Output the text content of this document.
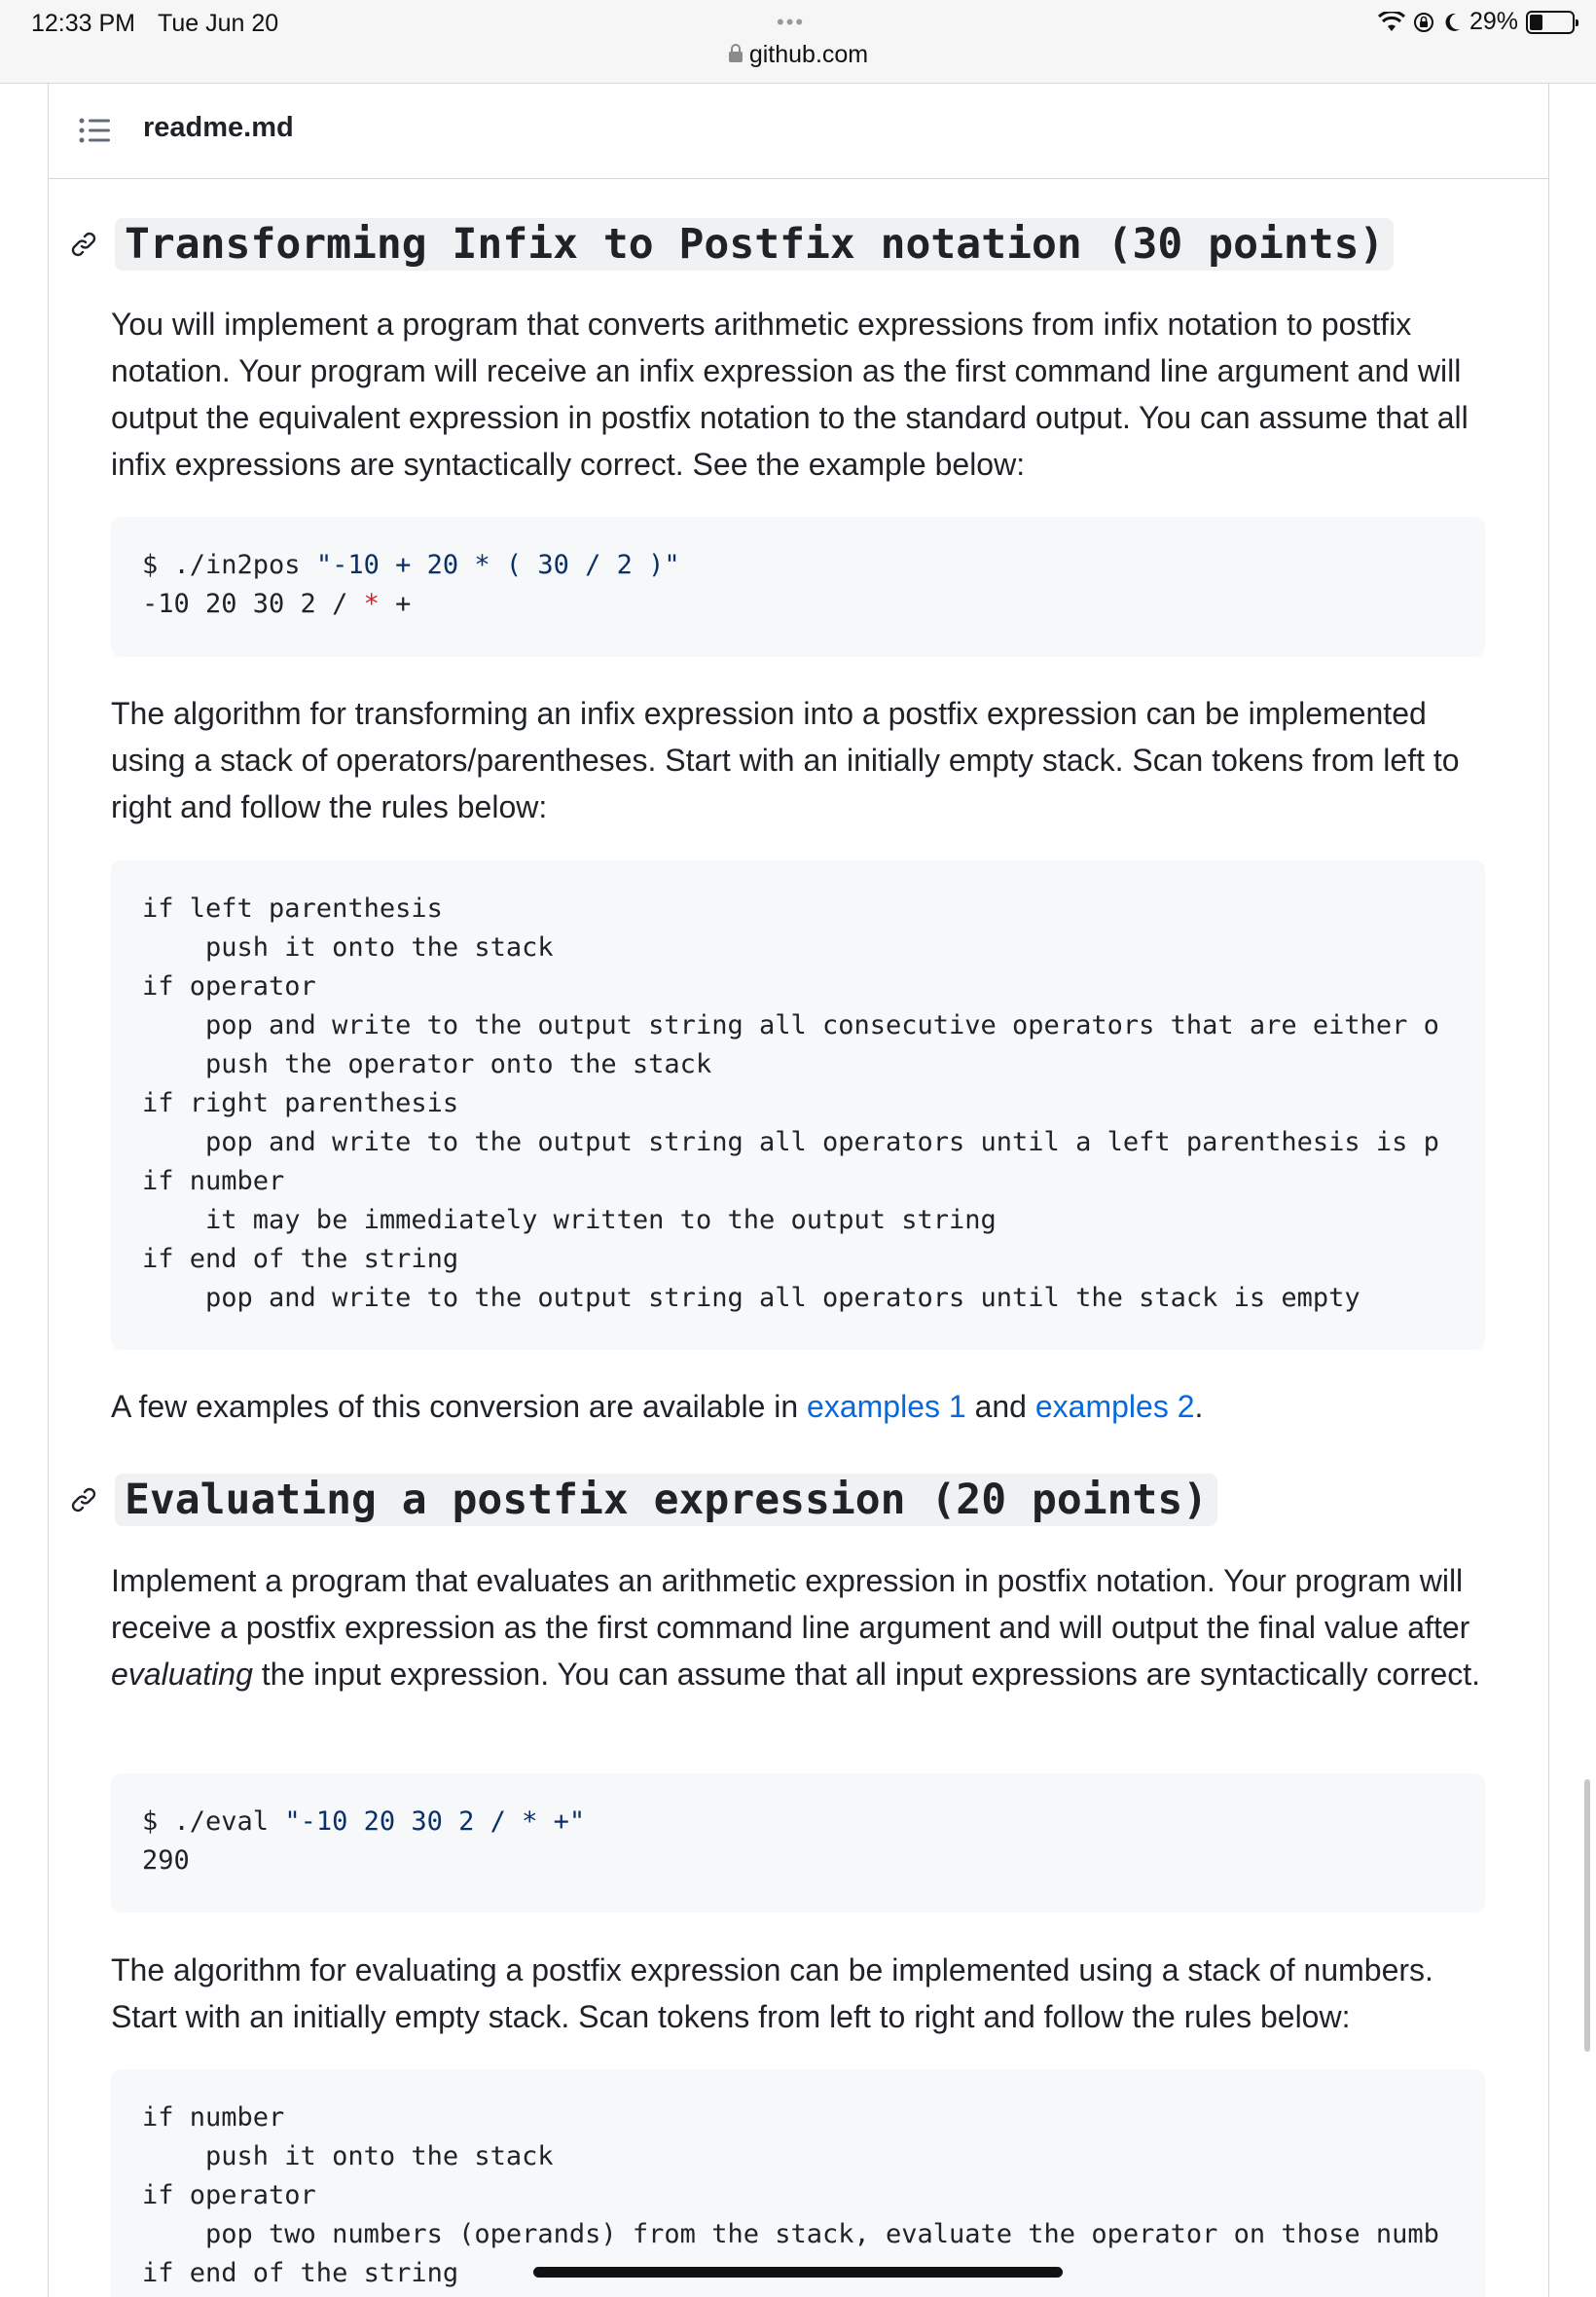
12:33 PM Tue Jun 20	•••
github.com
29%
readme.md
Transforming Infix to Postfix notation (30 points)

You will implement a program that converts arithmetic expressions from infix notation to postfix notation. Your program will receive an infix expression as the first command line argument and will output the equivalent expression in postfix notation to the standard output. You can assume that all infix expressions are syntactically correct. See the example below:

$ ./in2pos "-10 + 20 * ( 30 / 2 )"
-10 20 30 2 / * +

The algorithm for transforming an infix expression into a postfix expression can be implemented using a stack of operators/parentheses. Start with an initially empty stack. Scan tokens from left to right and follow the rules below:

if left parenthesis
push it onto the stack
if operator
pop and write to the output string all consecutive operators that are either o
push the operator onto the stack
if right parenthesis
pop and write to the output string all operators until a left parenthesis is p
if number
it may be immediately written to the output string
if end of the string
pop and write to the output string all operators until the stack is empty

A few examples of this conversion are available in examples 1 and examples 2.

Evaluating a postfix expression (20 points)

Implement a program that evaluates an arithmetic expression in postfix notation. Your program will receive a postfix expression as the first command line argument and will output the final value after evaluating the input expression. You can assume that all input expressions are syntactically correct.

$ ./eval "-10 20 30 2 / * +"
290

The algorithm for evaluating a postfix expression can be implemented using a stack of numbers. Start with an initially empty stack. Scan tokens from left to right and follow the rules below:

if number
push it onto the stack
if operator
pop two numbers (operands) from the stack, evaluate the operator on those numb
if end of the string
